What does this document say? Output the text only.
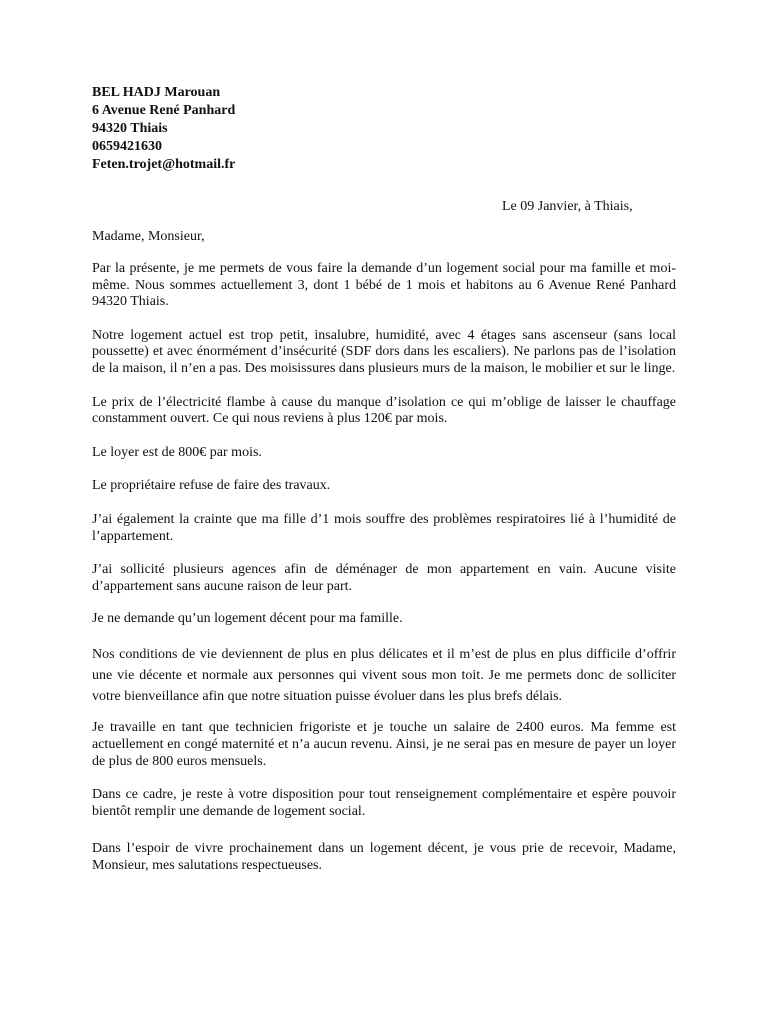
BEL HADJ Marouan
6 Avenue René Panhard
94320 Thiais
0659421630
Feten.trojet@hotmail.fr
Le 09 Janvier, à Thiais,
Madame, Monsieur,

Par la présente, je me permets de vous faire la demande d’un logement social pour ma famille et moi-même. Nous sommes actuellement 3, dont 1 bébé de 1 mois et habitons au 6 Avenue René Panhard 94320 Thiais.

Notre logement actuel est trop petit, insalubre, humidité, avec 4 étages sans ascenseur (sans local poussette) et avec énormément d’insécurité (SDF dors dans les escaliers). Ne parlons pas de l’isolation de la maison, il n’en a pas. Des moisissures dans plusieurs murs de la maison, le mobilier et sur le linge.

Le prix de l’électricité flambe à cause du manque d’isolation ce qui m’oblige de laisser le chauffage constamment ouvert. Ce qui nous reviens à plus 120€ par mois.

Le loyer est de 800€ par mois.

Le propriétaire refuse de faire des travaux.

J’ai également la crainte que ma fille d’1 mois souffre des problèmes respiratoires lié à l’humidité de l’appartement.

J’ai sollicité plusieurs agences afin de déménager de mon appartement en vain. Aucune visite d’appartement sans aucune raison de leur part.

Je ne demande qu’un logement décent pour ma famille.

Nos conditions de vie deviennent de plus en plus délicates et il m’est de plus en plus difficile d’offrir une vie décente et normale aux personnes qui vivent sous mon toit. Je me permets donc de solliciter votre bienveillance afin que notre situation puisse évoluer dans les plus brefs délais.

Je travaille en tant que technicien frigoriste et je touche un salaire de 2400 euros. Ma femme est actuellement en congé maternité et n’a aucun revenu. Ainsi, je ne serai pas en mesure de payer un loyer de plus de 800 euros mensuels.

Dans ce cadre, je reste à votre disposition pour tout renseignement complémentaire et espère pouvoir bientôt remplir une demande de logement social.

Dans l’espoir de vivre prochainement dans un logement décent, je vous prie de recevoir, Madame, Monsieur, mes salutations respectueuses.
